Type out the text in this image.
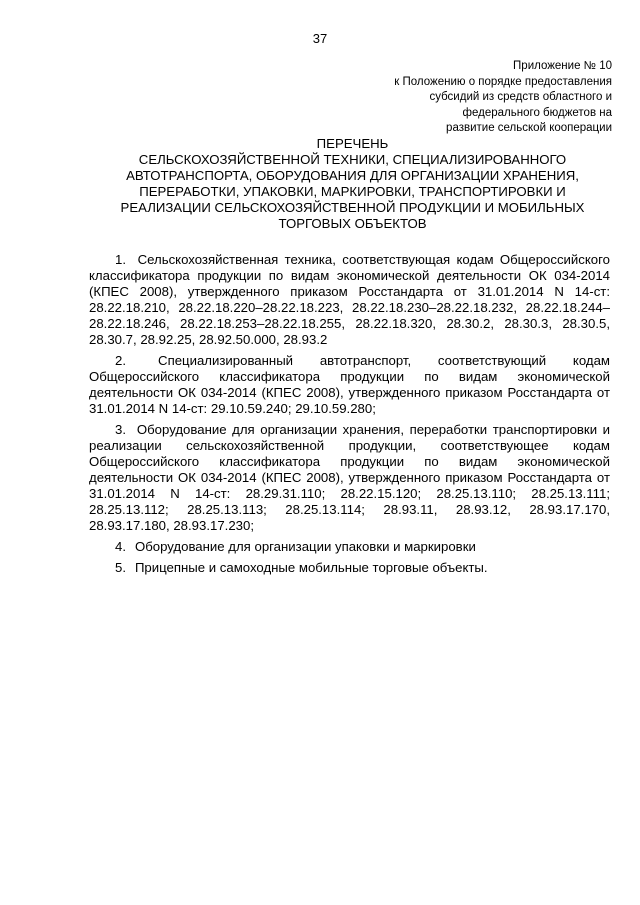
37
Приложение № 10
к Положению о порядке предоставления
субсидий из средств областного и
федерального бюджетов на
развитие сельской кооперации
ПЕРЕЧЕНЬ
СЕЛЬСКОХОЗЯЙСТВЕННОЙ ТЕХНИКИ, СПЕЦИАЛИЗИРОВАННОГО
АВТОТРАНСПОРТА, ОБОРУДОВАНИЯ ДЛЯ ОРГАНИЗАЦИИ ХРАНЕНИЯ,
ПЕРЕРАБОТКИ, УПАКОВКИ, МАРКИРОВКИ, ТРАНСПОРТИРОВКИ И
РЕАЛИЗАЦИИ СЕЛЬСКОХОЗЯЙСТВЕННОЙ ПРОДУКЦИИ И МОБИЛЬНЫХ
ТОРГОВЫХ ОБЪЕКТОВ

1. Сельскохозяйственная техника, соответствующая кодам Общероссийского классификатора продукции по видам экономической деятельности ОК 034-2014 (КПЕС 2008), утвержденного приказом Росстандарта от 31.01.2014 N 14-ст: 28.22.18.210, 28.22.18.220–28.22.18.223, 28.22.18.230–28.22.18.232, 28.22.18.244–28.22.18.246, 28.22.18.253–28.22.18.255, 28.22.18.320, 28.30.2, 28.30.3, 28.30.5, 28.30.7, 28.92.25, 28.92.50.000, 28.93.2

2. Специализированный автотранспорт, соответствующий кодам Общероссийского классификатора продукции по видам экономической деятельности ОК 034-2014 (КПЕС 2008), утвержденного приказом Росстандарта от 31.01.2014 N 14-ст: 29.10.59.240; 29.10.59.280;

3. Оборудование для организации хранения, переработки транспортировки и реализации сельскохозяйственной продукции, соответствующее кодам Общероссийского классификатора продукции по видам экономической деятельности ОК 034-2014 (КПЕС 2008), утвержденного приказом Росстандарта от 31.01.2014 N 14-ст: 28.29.31.110; 28.22.15.120; 28.25.13.110; 28.25.13.111; 28.25.13.112; 28.25.13.113; 28.25.13.114; 28.93.11, 28.93.12, 28.93.17.170, 28.93.17.180, 28.93.17.230;

4. Оборудование для организации упаковки и маркировки

5. Прицепные и самоходные мобильные торговые объекты.
